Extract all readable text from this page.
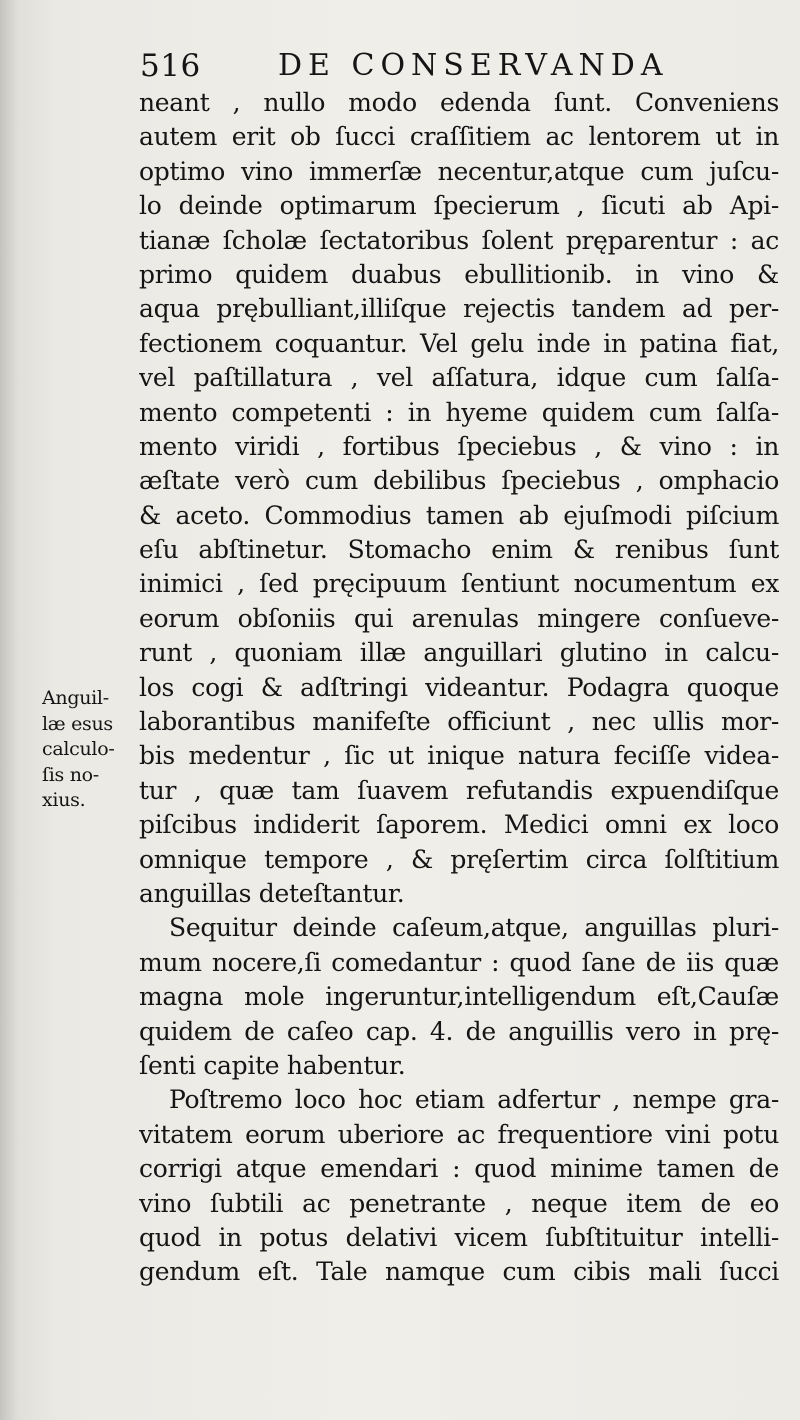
516	DE CONSERVANDA
Anguil-
læ esus
calculo-
ſis no-
xius.
neant , nullo modo edenda ſunt. Conveniens
autem erit ob ſucci craſſitiem ac lentorem ut in
optimo vino immerſæ necentur,atque cum juſcu-
lo deinde optimarum ſpecierum , ſicuti ab Api-
tianæ ſcholæ ſectatoribus ſolent pręparentur : ac
primo quidem duabus ebullitionib. in vino &
aqua prębulliant,illiſque rejectis tandem ad per-
fectionem coquantur. Vel gelu inde in patina fiat,
vel paſtillatura , vel aſſatura, idque cum ſalſa-
mento competenti : in hyeme quidem cum ſalſa-
mento viridi , fortibus ſpeciebus , & vino : in
æſtate verò cum debilibus ſpeciebus , omphacio
& aceto. Commodius tamen ab ejuſmodi piſcium
eſu abſtinetur. Stomacho enim & renibus ſunt
inimici , ſed pręcipuum ſentiunt nocumentum ex
eorum obſoniis qui arenulas mingere conſueve-
runt , quoniam illæ anguillari glutino in calcu-
los cogi & adſtringi videantur. Podagra quoque
laborantibus manifeſte officiunt , nec ullis mor-
bis medentur , ſic ut inique natura feciſſe videa-
tur , quæ tam ſuavem refutandis expuendiſque
piſcibus indiderit ſaporem. Medici omni ex loco
omnique tempore , & pręſertim circa ſolſtitium
anguillas deteſtantur.
Sequitur deinde caſeum,atque, anguillas pluri-
mum nocere,ſi comedantur : quod ſane de iis quæ
magna mole ingeruntur,intelligendum eſt,Cauſæ
quidem de caſeo cap. 4. de anguillis vero in prę-
ſenti capite habentur.
Poſtremo loco hoc etiam adfertur , nempe gra-
vitatem eorum uberiore ac frequentiore vini potu
corrigi atque emendari : quod minime tamen de
vino ſubtili ac penetrante , neque item de eo
quod in potus delativi vicem ſubſtituitur intelli-
gendum eſt. Tale namque cum cibis mali ſucci
